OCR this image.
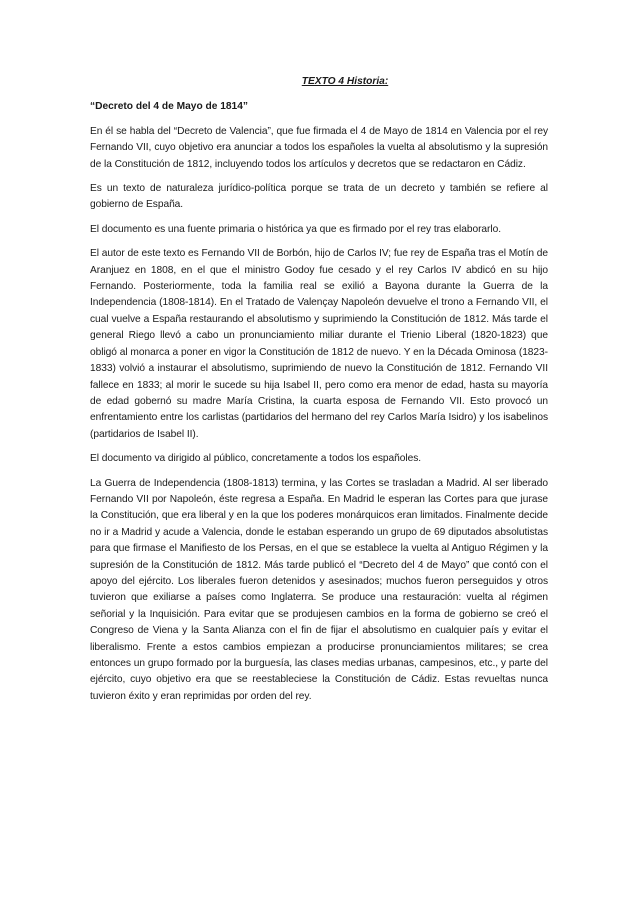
TEXTO 4 Historia:
“Decreto del 4 de Mayo de 1814”

En él se habla del “Decreto de Valencia”, que fue firmada el 4 de Mayo de 1814 en Valencia por el rey Fernando VII, cuyo objetivo era anunciar a todos los españoles la vuelta al absolutismo y la supresión de la Constitución de 1812, incluyendo todos los artículos y decretos que se redactaron en Cádiz.

Es un texto de naturaleza jurídico-política porque se trata de un decreto y también se refiere al gobierno de España.

El documento es una fuente primaria o histórica ya que es firmado por el rey tras elaborarlo.

El autor de este texto es Fernando VII de Borbón, hijo de Carlos IV; fue rey de España tras el Motín de Aranjuez en 1808, en el que el ministro Godoy fue cesado y el rey Carlos IV abdicó en su hijo Fernando. Posteriormente, toda la familia real se exilió a Bayona durante la Guerra de la Independencia (1808-1814). En el Tratado de Valençay Napoleón devuelve el trono a Fernando VII, el cual vuelve a España restaurando el absolutismo y suprimiendo la Constitución de 1812. Más tarde el general Riego llevó a cabo un pronunciamiento miliar durante el Trienio Liberal (1820-1823) que obligó al monarca a poner en vigor la Constitución de 1812 de nuevo. Y en la Década Ominosa (1823-1833) volvió a instaurar el absolutismo, suprimiendo de nuevo la Constitución de 1812. Fernando VII fallece en 1833; al morir le sucede su hija Isabel II, pero como era menor de edad, hasta su mayoría de edad gobernó su madre María Cristina, la cuarta esposa de Fernando VII. Esto provocó un enfrentamiento entre los carlistas (partidarios del hermano del rey Carlos María Isidro) y los isabelinos (partidarios de Isabel II).

El documento va dirigido al público, concretamente a todos los españoles.

La Guerra de Independencia (1808-1813) termina, y las Cortes se trasladan a Madrid. Al ser liberado Fernando VII por Napoleón, éste regresa a España. En Madrid le esperan las Cortes para que jurase la Constitución, que era liberal y en la que los poderes monárquicos eran limitados. Finalmente decide no ir a Madrid y acude a Valencia, donde le estaban esperando un grupo de 69 diputados absolutistas para que firmase el Manifiesto de los Persas, en el que se establece la vuelta al Antiguo Régimen y la supresión de la Constitución de 1812. Más tarde publicó el “Decreto del 4 de Mayo” que contó con el apoyo del ejército. Los liberales fueron detenidos y asesinados; muchos fueron perseguidos y otros tuvieron que exiliarse a países como Inglaterra. Se produce una restauración: vuelta al régimen señorial y la Inquisición. Para evitar que se produjesen cambios en la forma de gobierno se creó el Congreso de Viena y la Santa Alianza con el fin de fijar el absolutismo en cualquier país y evitar el liberalismo. Frente a estos cambios empiezan a producirse pronunciamientos militares; se crea entonces un grupo formado por la burguesía, las clases medias urbanas, campesinos, etc., y parte del ejército, cuyo objetivo era que se reestableciese la Constitución de Cádiz. Estas revueltas nunca tuvieron éxito y eran reprimidas por orden del rey.
